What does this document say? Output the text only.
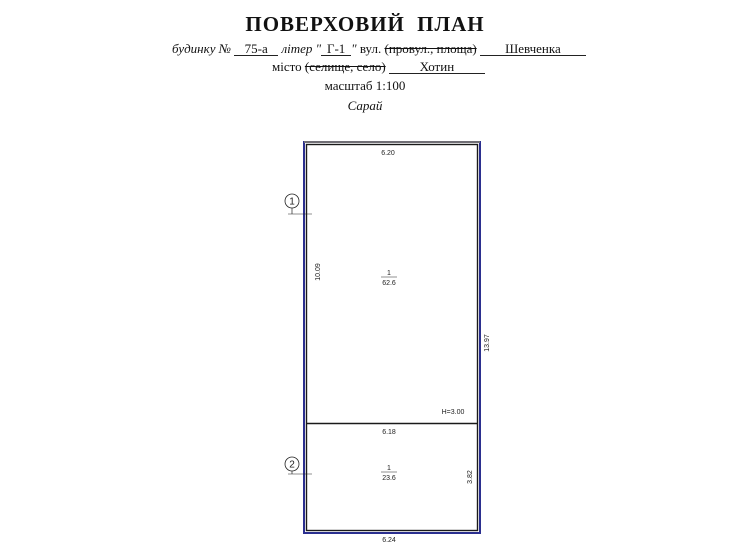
ПОВЕРХОВИЙ ПЛАН
будинку № 75-а літер " Г-1 " вул. (провул., площа) Шевченка
місто (селище, село)	Хотин
масштаб 1:100
Сарай
1
2
6.20
10.09
13.97
H=3.00
6.18
3.82
6.24
1
62.6
1
23.6
